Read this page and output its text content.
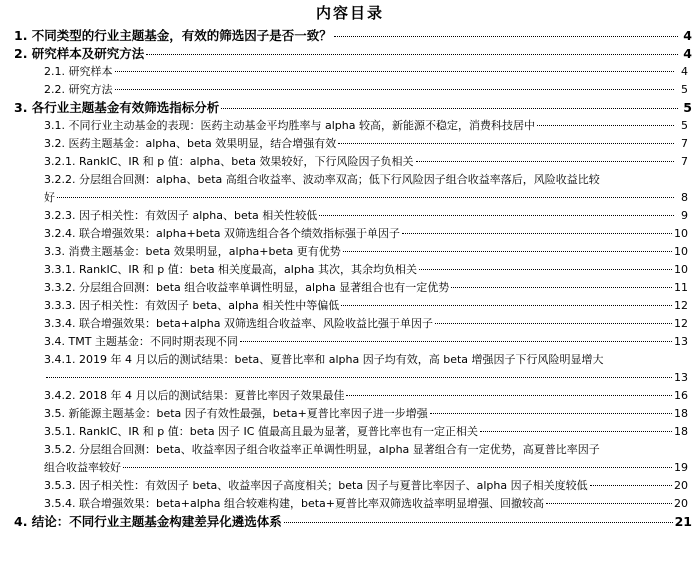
内容目录
1. 不同类型的行业主题基金，有效的筛选因子是否一致？	4
2. 研究样本及研究方法	4
2.1. 研究样本	4
2.2. 研究方法	5
3. 各行业主题基金有效筛选指标分析	5
3.1. 不同行业主动基金的表现：医药主动基金平均胜率与 alpha 较高，新能源不稳定，消费科技居中	5
3.2. 医药主题基金：alpha、beta 效果明显，结合增强有效	7
3.2.1. RankIC、IR 和 p 值：alpha、beta 效果较好，下行风险因子负相关	7
3.2.2. 分层组合回测：alpha、beta 高组合收益率、波动率双高；低下行风险因子组合收益率落后，风险收益比较
好	8
3.2.3. 因子相关性：有效因子 alpha、beta 相关性较低	9
3.2.4. 联合增强效果：alpha+beta 双筛选组合各个绩效指标强于单因子	10
3.3. 消费主题基金：beta 效果明显，alpha+beta 更有优势	10
3.3.1. RankIC、IR 和 p 值：beta 相关度最高，alpha 其次，其余均负相关	10
3.3.2. 分层组合回测：beta 组合收益率单调性明显，alpha 显著组合也有一定优势	11
3.3.3. 因子相关性：有效因子 beta、alpha 相关性中等偏低	12
3.3.4. 联合增强效果：beta+alpha 双筛选组合收益率、风险收益比强于单因子	12
3.4. TMT 主题基金：不同时期表现不同	13
3.4.1. 2019 年 4 月以后的测试结果：beta、夏普比率和 alpha 因子均有效，高 beta 增强因子下行风险明显增大
13
3.4.2. 2018 年 4 月以后的测试结果：夏普比率因子效果最佳	16
3.5. 新能源主题基金：beta 因子有效性最强，beta+夏普比率因子进一步增强	18
3.5.1. RankIC、IR 和 p 值：beta 因子 IC 值最高且最为显著，夏普比率也有一定正相关	18
3.5.2. 分层组合回测：beta、收益率因子组合收益率正单调性明显，alpha 显著组合有一定优势，高夏普比率因子
组合收益率较好	19
3.5.3. 因子相关性：有效因子 beta、收益率因子高度相关；beta 因子与夏普比率因子、alpha 因子相关度较低	20
3.5.4. 联合增强效果：beta+alpha 组合较难构建，beta+夏普比率双筛选收益率明显增强、回撤较高	20
4. 结论：不同行业主题基金构建差异化遴选体系	21
